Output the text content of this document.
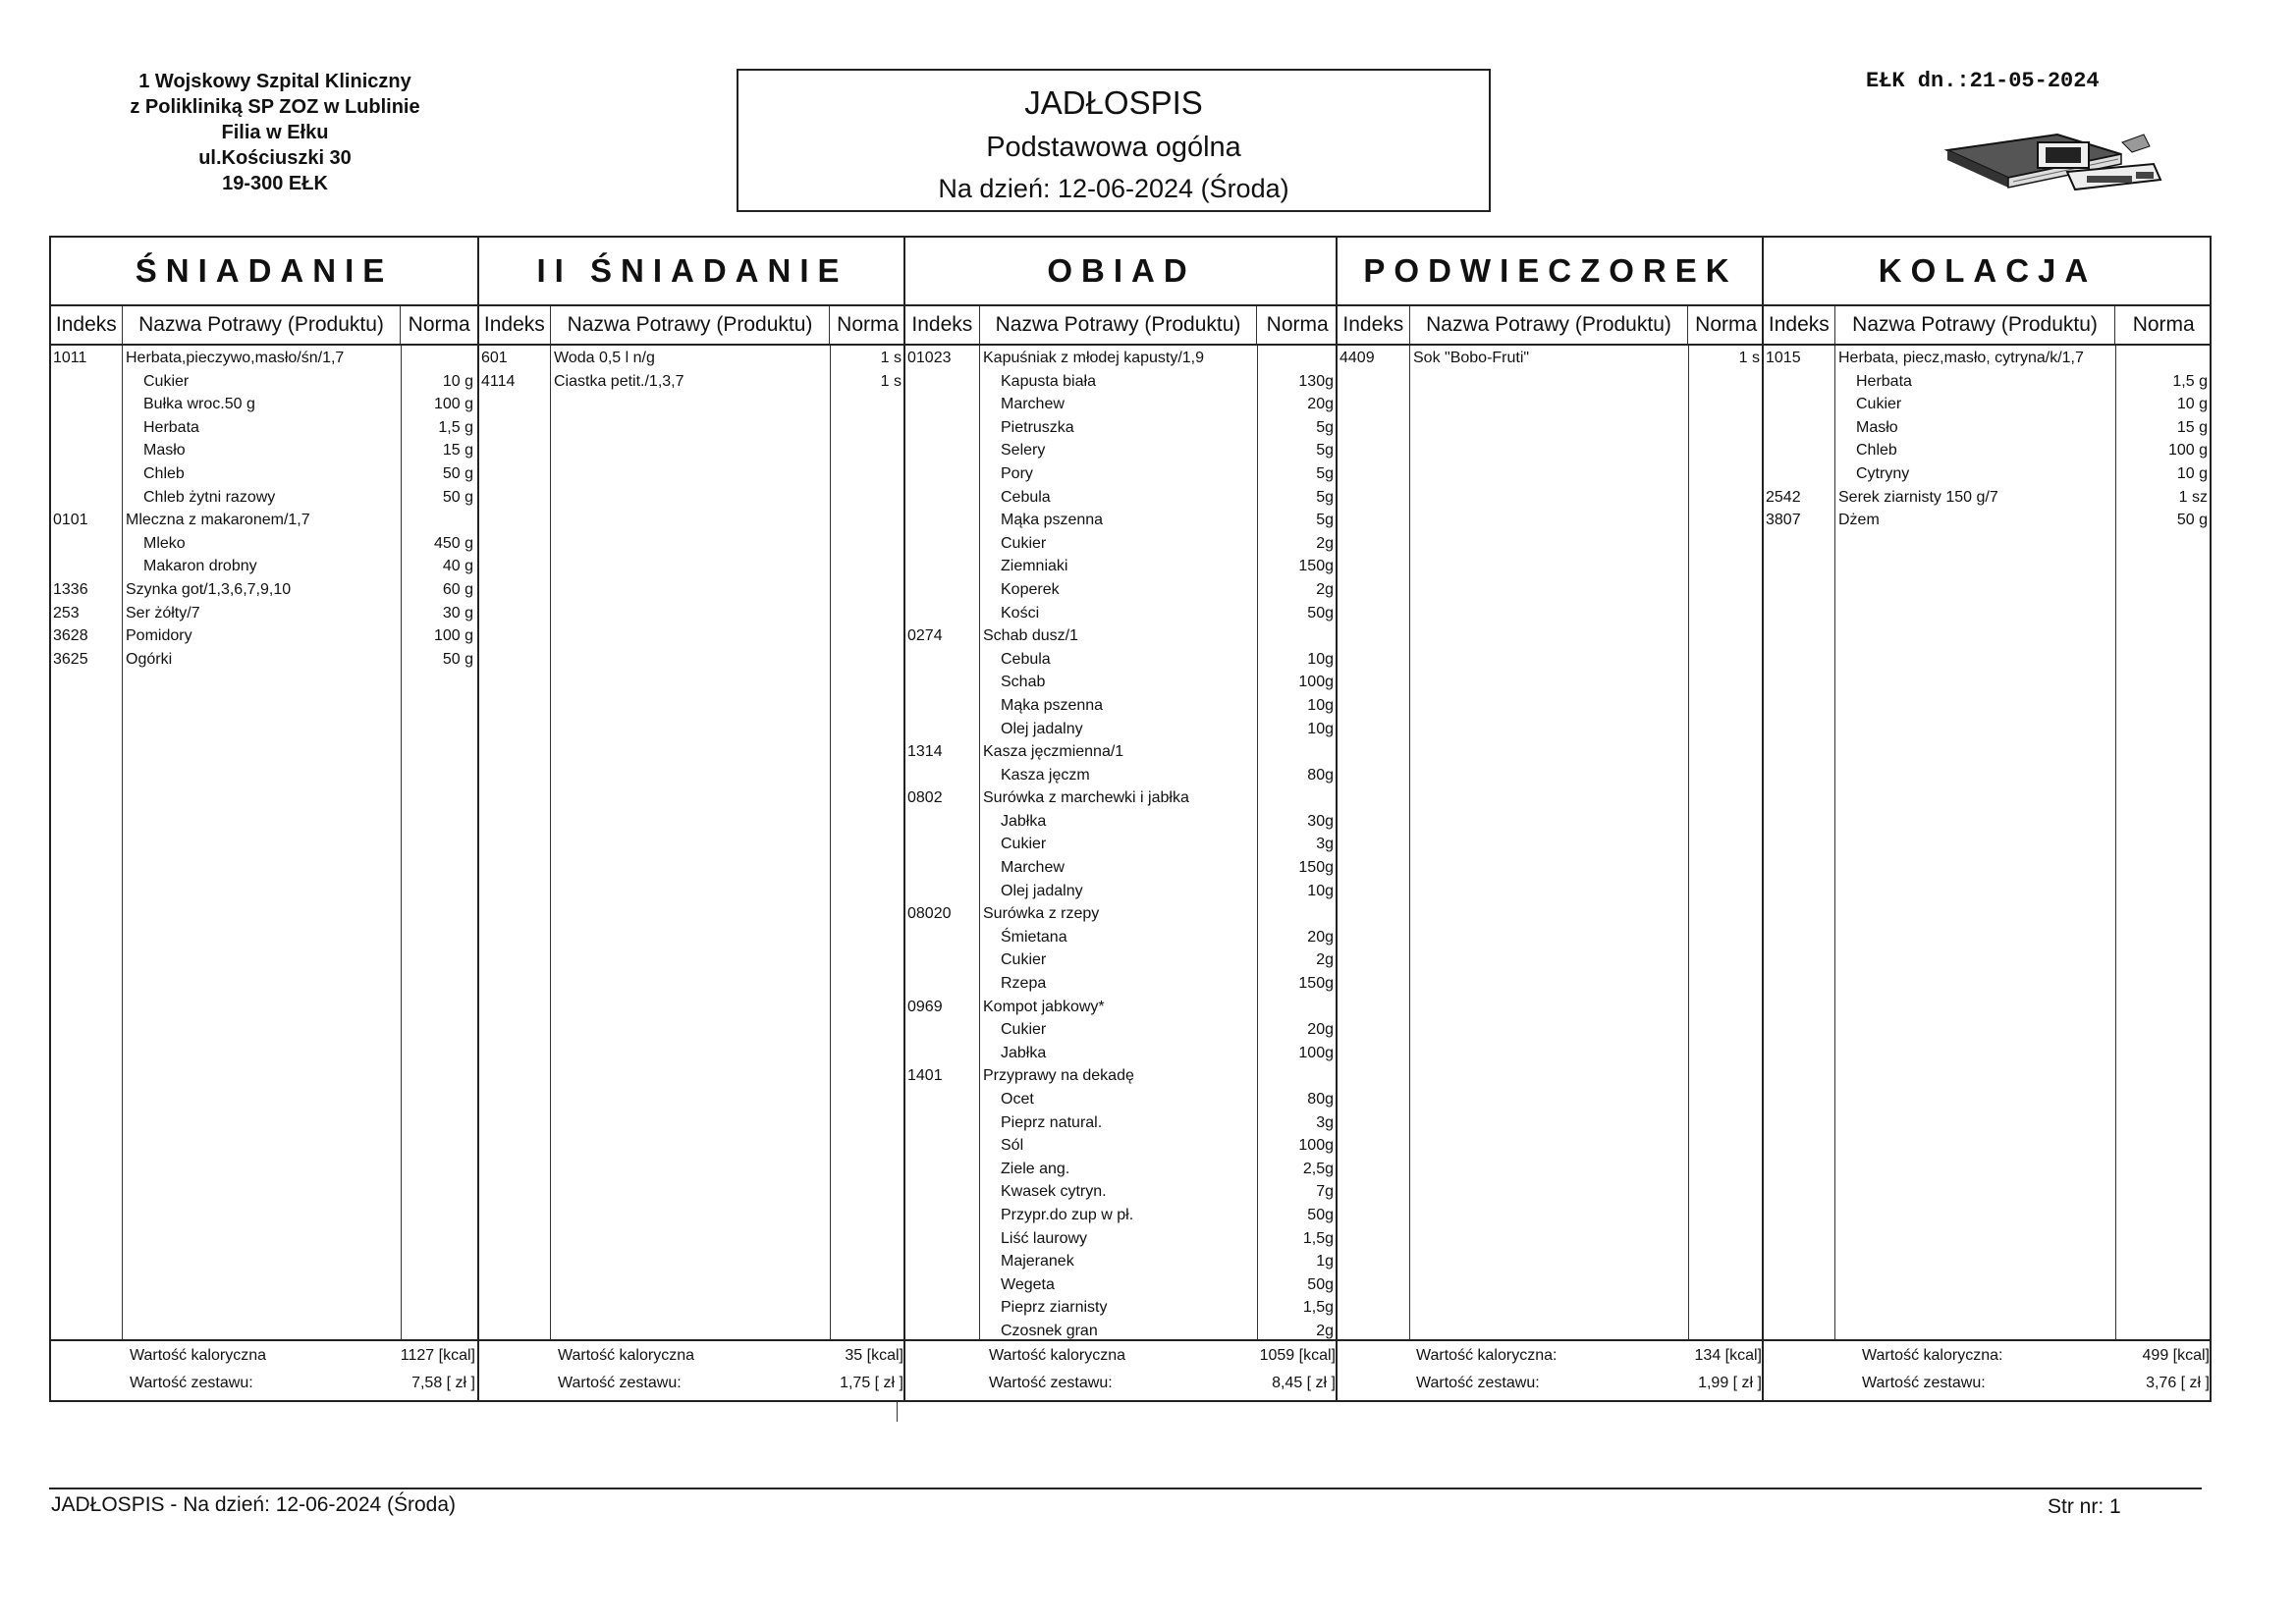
1 Wojskowy Szpital Kliniczny
z Polikliniką SP ZOZ w Lublinie
Filia w Ełku
ul.Kościuszki 30
19-300 EŁK
JADŁOSPIS
Podstawowa ogólna
Na dzień: 12-06-2024 (Środa)
EŁK dn.:21-05-2024
ŚNIADANIE
Indeks	Nazwa Potrawy (Produktu)	Norma
1011 Herbata,pieczywo,masło/śn/1,7
Cukier	10 g
Bułka wroc.50 g	100 g
Herbata	1,5 g
Masło	15 g
Chleb	50 g
Chleb żytni razowy	50 g
0101 Mleczna z makaronem/1,7
Mleko	450 g
Makaron drobny	40 g
1336 Szynka got/1,3,6,7,9,10	60 g
253	Ser żółty/7	30 g
3628 Pomidory	100 g
3625 Ogórki	50 g
Wartość kaloryczna	1127 [kcal]
Wartość zestawu:	7,58 [ zł ]
II ŚNIADANIE
Indeks	Nazwa Potrawy (Produktu)	Norma
601	Woda 0,5 l n/g	1 s
4114 Ciastka petit./1,3,7	1 s
Wartość kaloryczna	35 [kcal]
Wartość zestawu:	1,75 [ zł ]
OBIAD
Indeks	Nazwa Potrawy (Produktu)	Norma
01023 Kapuśniak z młodej kapusty/1,9
Kapusta biała	130g
Marchew	20g
Pietruszka	5g
Selery	5g
Pory	5g
Cebula	5g
Mąka pszenna	5g
Cukier	2g
Ziemniaki	150g
Koperek	2g
Kości	50g
0274	Schab dusz/1
Cebula	10g
Schab	100g
Mąka pszenna	10g
Olej jadalny	10g
1314	Kasza jęczmienna/1
Kasza jęczm	80g
0802	Surówka z marchewki i jabłka
Jabłka	30g
Cukier	3g
Marchew	150g
Olej jadalny	10g
08020 Surówka z rzepy
Śmietana	20g
Cukier	2g
Rzepa	150g
0969	Kompot jabkowy*
Cukier	20g
Jabłka	100g
1401	Przyprawy na dekadę
Ocet	80g
Pieprz natural.	3g
Sól	100g
Ziele ang.	2,5g
Kwasek cytryn.	7g
Przypr.do zup w pł.	50g
Liść laurowy	1,5g
Majeranek	1g
Wegeta	50g
Pieprz ziarnisty	1,5g
Czosnek gran	2g
Wartość kaloryczna	1059 [kcal]
Wartość zestawu:	8,45 [ zł ]
PODWIECZOREK
Indeks	Nazwa Potrawy (Produktu)	Norma
4409 Sok "Bobo-Fruti"	1 s
Wartość kaloryczna:	134 [kcal]
Wartość zestawu:	1,99 [ zł ]
KOLACJA
Indeks	Nazwa Potrawy (Produktu)	Norma
1015 Herbata, piecz,masło, cytryna/k/1,7
Herbata	1,5 g
Cukier	10 g
Masło	15 g
Chleb	100 g
Cytryny	10 g
2542 Serek ziarnisty 150 g/7	1 sz
3807 Dżem	50 g
Wartość kaloryczna:	499 [kcal]
Wartość zestawu:	3,76 [ zł ]
JADŁOSPIS - Na dzień: 12-06-2024 (Środa)	Str nr: 1
